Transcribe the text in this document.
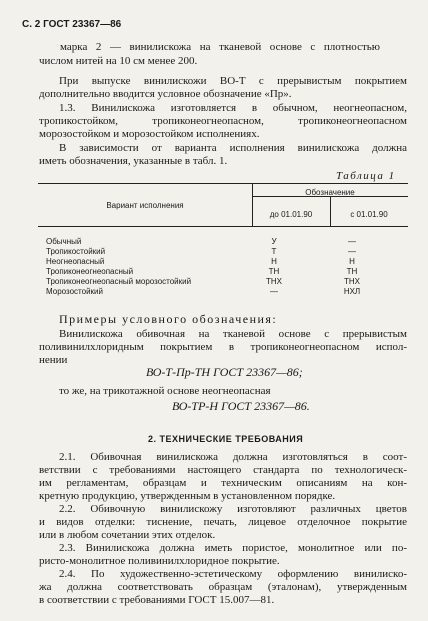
С. 2 ГОСТ 23367—86
марка 2 — винилискожа на тканевой основе с плотностью
числом нитей на 10 см менее 200.
При выпуске винилискожи ВО-Т с прерывистым покрытием
дополнительно вводится условное обозначение «Пр».
1.3. Винилискожа изготовляется в обычном, неогнеопасном,
тропикостойком, тропиконеогнеопасном, тропиконеогнеопасном
морозостойком и морозостойком исполнениях.
В зависимости от варианта исполнения винилискожа должна
иметь обозначения, указанные в табл. 1.
Таблица 1
Вариант исполнения
Обозначение
до 01.01.90	с 01.01.90
Обычный	У	—
Тропикостойкий	Т	—
Неогнеопасный	Н	Н
Тропиконеогнеопасный	ТН	ТН
Тропиконеогнеопасный морозостойкий	ТНХ	ТНХ
Морозостойкий	—	НХЛ
Примеры условного обозначения:
Винилискожа обивочная на тканевой основе с прерывистым
поливинилхлоридным покрытием в тропиконеогнеопасном испол-
нении
ВО-Т-Пр-ТН ГОСТ 23367—86;
то же, на трикотажной основе неогнеопасная
ВО-ТР-Н ГОСТ 23367—86.
2. ТЕХНИЧЕСКИЕ ТРЕБОВАНИЯ
2.1. Обивочная винилискожа должна изготовляться в соот-
ветствии с требованиями настоящего стандарта по технологическ-
им регламентам, образцам и техническим описаниям на кон-
кретную продукцию, утвержденным в установленном порядке.
2.2. Обивочную винилискожу изготовляют различных цветов
и видов отделки: тиснение, печать, лицевое отделочное покрытие
или в любом сочетании этих отделок.
2.3. Винилискожа должна иметь пористое, монолитное или по-
ристо-монолитное поливинилхлоридное покрытие.
2.4. По художественно-эстетическому оформлению винилиско-
жа должна соответствовать образцам (эталонам), утвержденным
в соответствии с требованиями ГОСТ 15.007—81.
